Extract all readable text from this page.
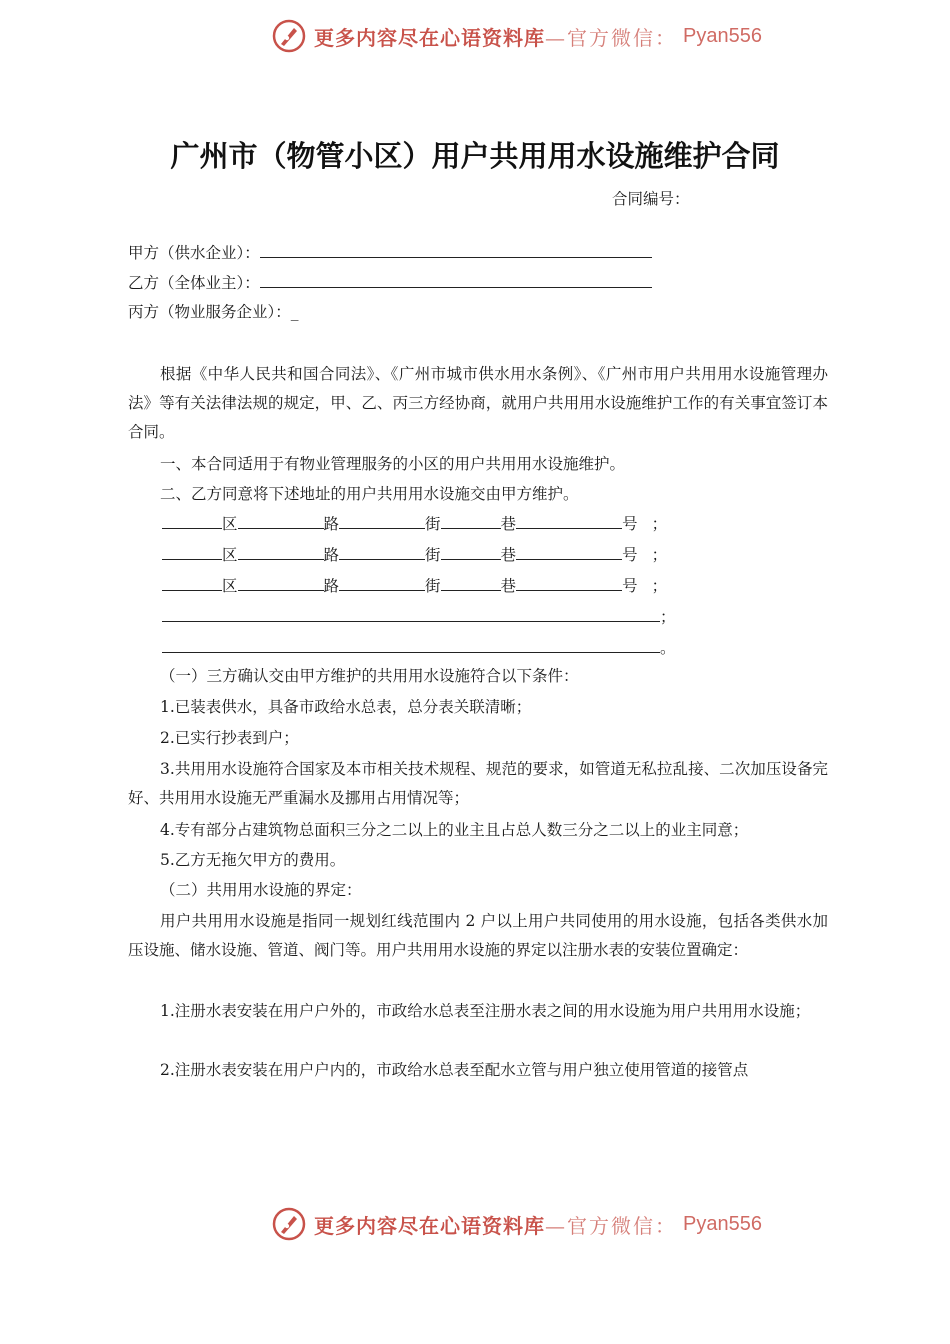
更多内容尽在心语资料库 —官方微信： Pyan556
广州市（物管小区）用户共用用水设施维护合同
合同编号：
甲方（供水企业）：
乙方（全体业主）：
丙方（物业服务企业）：_
根据《中华人民共和国合同法》、《广州市城市供水用水条例》、《广州市用户共用用水设施管理办法》等有关法律法规的规定，甲、乙、丙三方经协商，就用户共用用水设施维护工作的有关事宜签订本合同。
一、本合同适用于有物业管理服务的小区的用户共用用水设施维护。
二、乙方同意将下述地址的用户共用用水设施交由甲方维护。
区	路	街	巷	号 ；
区	路	街	巷	号 ；
区	路	街	巷	号 ；
；
。
（一）三方确认交由甲方维护的共用用水设施符合以下条件：
1.已装表供水，具备市政给水总表，总分表关联清晰；
2.已实行抄表到户；
3.共用用水设施符合国家及本市相关技术规程、规范的要求，如管道无私拉乱接、二次加压设备完好、共用用水设施无严重漏水及挪用占用情况等；
4.专有部分占建筑物总面积三分之二以上的业主且占总人数三分之二以上的业主同意；
5.乙方无拖欠甲方的费用。
（二）共用用水设施的界定：
用户共用用水设施是指同一规划红线范围内 2 户以上用户共同使用的用水设施，包括各类供水加压设施、储水设施、管道、阀门等。用户共用用水设施的界定以注册水表的安装位置确定：
1.注册水表安装在用户户外的，市政给水总表至注册水表之间的用水设施为用户共用用水设施；
2.注册水表安装在用户户内的，市政给水总表至配水立管与用户独立使用管道的接管点
更多内容尽在心语资料库 —官方微信： Pyan556
